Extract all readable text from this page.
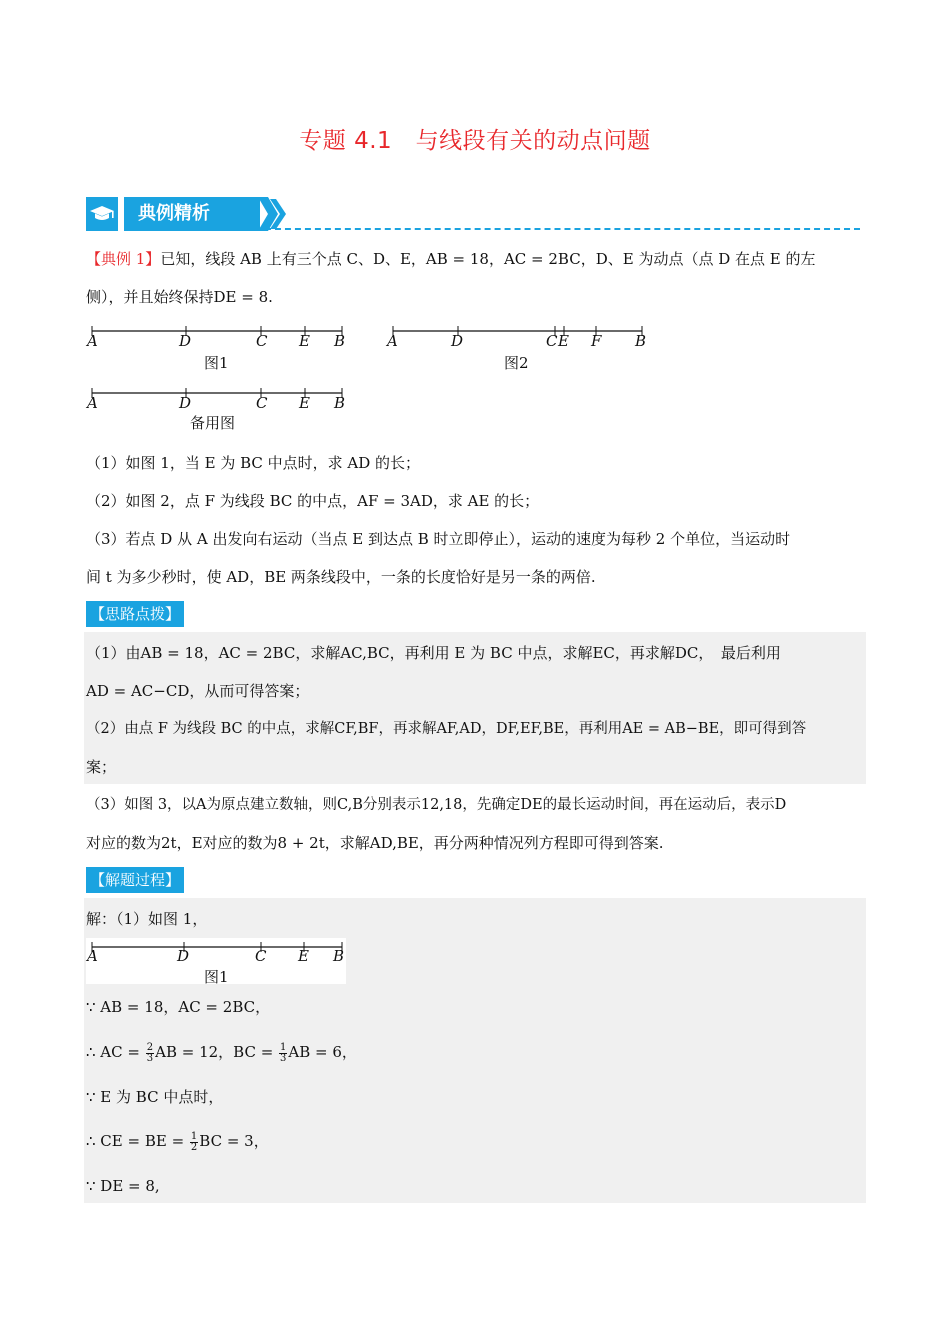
专题 4.1　与线段有关的动点问题
典例精析
【典例 1】已知，线段 AB 上有三个点 C、D、E，AB = 18，AC = 2BC，D、E 为动点（点 D 在点 E 的左
侧），并且始终保持DE = 8.
A	D	C E B
图1
A	D	C E F B
图2
A	D	C E B
备用图
（1）如图 1，当 E 为 BC 中点时，求 AD 的长；
（2）如图 2，点 F 为线段 BC 的中点，AF = 3AD，求 AE 的长；
（3）若点 D 从 A 出发向右运动（当点 E 到达点 B 时立即停止），运动的速度为每秒 2 个单位，当运动时
间 t 为多少秒时，使 AD，BE 两条线段中，一条的长度恰好是另一条的两倍.
【思路点拨】
（1）由AB = 18，AC = 2BC，求解AC,BC，再利用 E 为 BC 中点，求解EC，再求解DC，　最后利用
AD = AC−CD，从而可得答案；
（2）由点 F 为线段 BC 的中点，求解CF,BF，再求解AF,AD，DF,EF,BE，再利用AE = AB−BE，即可得到答
案；
（3）如图 3，以A为原点建立数轴，则C,B分别表示12,18，先确定DE的最长运动时间，再在运动后，表示D
对应的数为2t，E对应的数为8 + 2t，求解AD,BE，再分两种情况列方程即可得到答案.
【解题过程】
解：（1）如图 1，
A	D	C E B
图1
∵ AB = 18，AC = 2BC，
∴ AC = $\frac{2}{3}$ AB = 12，BC = $\frac{1}{3}$ AB = 6，
∵ E 为 BC 中点时，
∴ CE = BE = $\frac{1}{2}$ BC = 3，
∵ DE = 8,
